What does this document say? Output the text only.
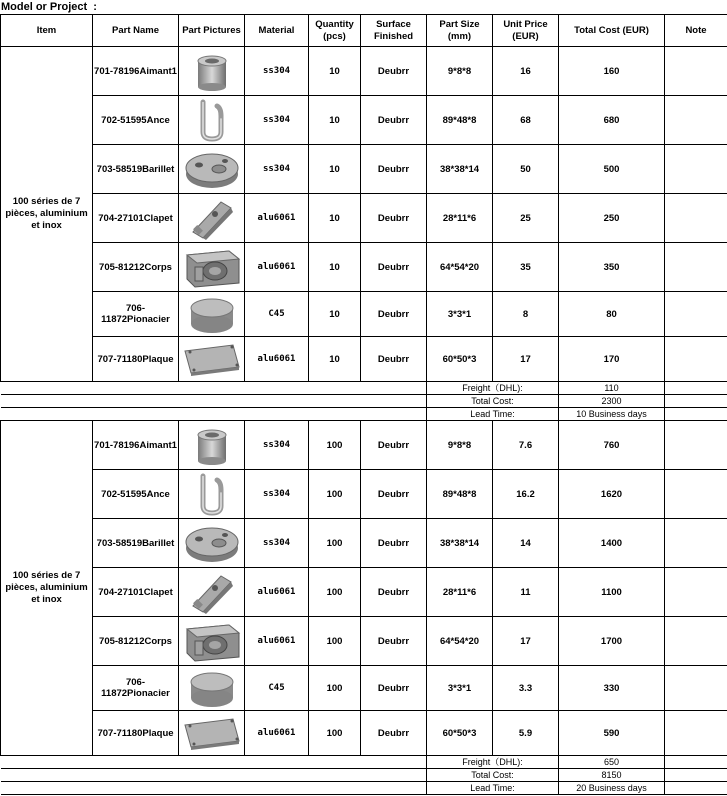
Model or Project  :
Item	Part Name	Part Pictures	Material	Quantity (pcs)	Surface Finished	Part Size (mm)	Unit Price (EUR)	Total Cost (EUR)	Note
100 séries de 7 pièces, aluminium et inox	701-78196Aimant1		ss304	10	Deubrr	9*8*8	16	160	
	702-51595Ance		ss304	10	Deubrr	89*48*8	68	680	
	703-58519Barillet		ss304	10	Deubrr	38*38*14	50	500	
	704-27101Clapet		alu6061	10	Deubrr	28*11*6	25	250	
	705-81212Corps		alu6061	10	Deubrr	64*54*20	35	350	
	706-11872Pionacier		C45	10	Deubrr	3*3*1	8	80	
	707-71180Plaque		alu6061	10	Deubrr	60*50*3	17	170	
						Freight（DHL):		110	
						Total Cost:		2300	
						Lead Time:		10 Business days	
100 séries de 7 pièces, aluminium et inox	701-78196Aimant1		ss304	100	Deubrr	9*8*8	7.6	760	
	702-51595Ance		ss304	100	Deubrr	89*48*8	16.2	1620	
	703-58519Barillet		ss304	100	Deubrr	38*38*14	14	1400	
	704-27101Clapet		alu6061	100	Deubrr	28*11*6	11	1100	
	705-81212Corps		alu6061	100	Deubrr	64*54*20	17	1700	
	706-11872Pionacier		C45	100	Deubrr	3*3*1	3.3	330	
	707-71180Plaque		alu6061	100	Deubrr	60*50*3	5.9	590	
						Freight（DHL):		650	
						Total Cost:		8150	
						Lead Time:		20 Business days	
